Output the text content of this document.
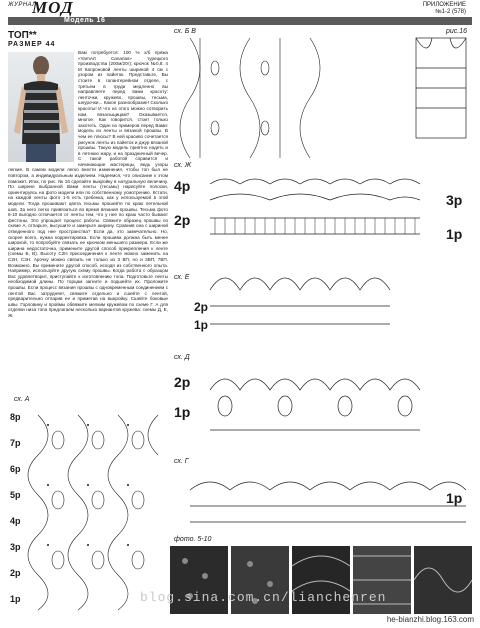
ЖУРНАЛ
МОД
Модель 16
ПРИЛОЖЕНИЕ
№1-2 (578)
ТОП**
РАЗМЕР 44
Вам потребуется: 100 % х/б пряжа «YarnArt Canarias» турецкого производства (200м/20г); крючок №0,8. 4 М Капроновой ленты шириной 4 см с узором из пайеток. Представьте, Вы стоите в галантерейном отделе, с третьем в груди медленно вы направляете перед вами красоту: ленточки, кружево, прошвы, тесьма, шнурочки... Какое разнообразие! Сколько красоты! И что из этого можно сотворить нам, вязальщицам? Оказывается, многое. Как говорится, стоит только захотеть. Один из примеров перед Вами: модель из ленты и вязаной прошвы. В чем ее плюсы? В ней красиво сочетается рисунок ленты из пайеток и джур вязаной прошвы. Такую модель приятно надеть и в летнюю жару, и на праздничный вечер. С такой работой справится и начинающие мастерицы, ведь узоры легкие. В самом модели легко внести изменения, чтобы топ был не повтором, а индивидуальным изделием. Надеемся, что описание к этом поможет. Итак, по рис. № 16 сделайте выкройку в натуральную величину. По ширине выбранной Вами ленты (тесьмы) нарисуйте полоски, ориентируясь на фото модели или по собственному усмотрению. Кстати, на каждой ленты фото 1-5 есть гребенка, как у используемой в этой модели. Тогда прошивают цвета тесьмы прошейте по краю петельной шов. За него легко привязаться во время вязания прошвы. Тесьма фото 6-10 выгодно отличается от ленты тем, что у нее по краю часто бывают фестоны. Это упрощает процесс работы. Свяжите образец прошвы по схеме А, отпарьте, высушите и замерьте ширину. Сравнив она с шириной отведенного под нее пространства? Если да, это замечательно. Но, скорее всего, нужна корректировка. Если прошива должна быть менее широкой, то попробуйте связать ее крючком меньшего размера. Если же ширина недостаточна, примените другой способ прикрепления к ленте (схемы Б, В). Высоту С2Н присоединения к ленте можно заменить на С2Н, С3Н. Арочку можно связать не только из 3 ВП, но и 3ВП, 7ВП. Возможно, Вы примените другой способ, исходя из собственного опыта. Например, используйте другую схему прошвы. Когда работа с образцом Вас удовлетворит, приступайте к изготовлению топа. Подготовьте ленты необходимой длины. По торцам загните и подшейте их. Проложите прошвы. Если процесс вязания прошвы с одновременным соединением с лентой Вас затрудняет, свяжите отдельно и сшейте с лентой, предварительно отпарив ее и приметав на выкройку. Сшейте боковые швы. Горловину и проймы обвяжите мелким кружевом по схеме Г. А для отделки низа топа предлагаем несколько вариантов кружева: схемы Д, Е, Ж.
сх. А
8р
7р
6р
5р
4р
3р
2р
1р
сх. Б В	рис.16
сх. Ж
4р
3р
2р
1р
сх. Е
2р
1р
сх. Д
2р
1р
сх. Г
1р
фото. 5-10
blog.sina.com.cn/lianchenren
he-bianzhi.blog.163.com
